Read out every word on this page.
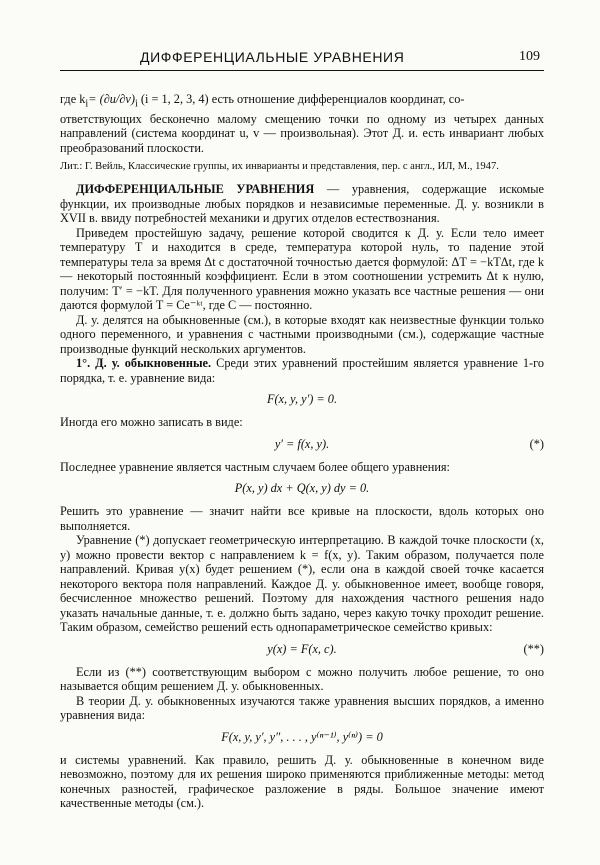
ДИФФЕРЕНЦИАЛЬНЫЕ УРАВНЕНИЯ	109

где $k_i= (\partial u/\partial v)_i$ (i = 1, 2, 3, 4) есть отношение дифференциалов координат, со-

ответствующих бесконечно малому смещению точки по одному из четырех данных направлений (система координат u, v — произвольная). Этот Д. и. есть инвариант любых преобразований плоскости.

Лит.: Г. Вейль, Классические группы, их инварианты и представления, пер. с англ., ИЛ, М., 1947.

ДИФФЕРЕНЦИАЛЬНЫЕ УРАВНЕНИЯ — уравнения, содержащие искомые функции, их производные любых порядков и независимые переменные. Д. у. возникли в XVII в. ввиду потребностей механики и других отделов естествознания.

Приведем простейшую задачу, решение которой сводится к Д. у. Если тело имеет температуру T и находится в среде, температура которой нуль, то падение этой температуры тела за время Δt с достаточной точностью дается формулой: ΔT = −kTΔt, где k — некоторый постоянный коэффициент. Если в этом соотношении устремить Δt к нулю, получим: T′ = −kT. Для полученного уравнения можно указать все частные решения — они даются формулой T = Ce⁻ᵏᵗ, где C — постоянно.

Д. у. делятся на обыкновенные (см.), в которые входят как неизвестные функции только одного переменного, и уравнения с частными производными (см.), содержащие частные производные функций нескольких аргументов.

1°. Д. у. обыкновенные. Среди этих уравнений простейшим является уравнение 1-го порядка, т. е. уравнение вида:

F(x, y, y′) = 0.

Иногда его можно записать в виде:

y′ = f(x, y).	(*)

Последнее уравнение является частным случаем более общего уравнения:

P(x, y) dx + Q(x, y) dy = 0.

Решить это уравнение — значит найти все кривые на плоскости, вдоль которых оно выполняется.

Уравнение (*) допускает геометрическую интерпретацию. В каждой точке плоскости (x, y) можно провести вектор с направлением k = f(x, y). Таким образом, получается поле направлений. Кривая y(x) будет решением (*), если она в каждой своей точке касается некоторого вектора поля направлений. Каждое Д. у. обыкновенное имеет, вообще говоря, бесчисленное множество решений. Поэтому для нахождения частного решения надо указать начальные данные, т. е. должно быть задано, через какую точку проходит решение. Таким образом, семейство решений есть однопараметрическое семейство кривых:

y(x) = F(x, c).	(**)

Если из (**) соответствующим выбором c можно получить любое решение, то оно называется общим решением Д. у. обыкновенных.

В теории Д. у. обыкновенных изучаются также уравнения высших порядков, а именно уравнения вида:

F(x, y, y′, y″, . . . , y⁽ⁿ⁻¹⁾, y⁽ⁿ⁾) = 0

и системы уравнений. Как правило, решить Д. у. обыкновенные в конечном виде невозможно, поэтому для их решения широко применяются приближенные методы: метод конечных разностей, графическое разложение в ряды. Большое значение имеют качественные методы (см.).
